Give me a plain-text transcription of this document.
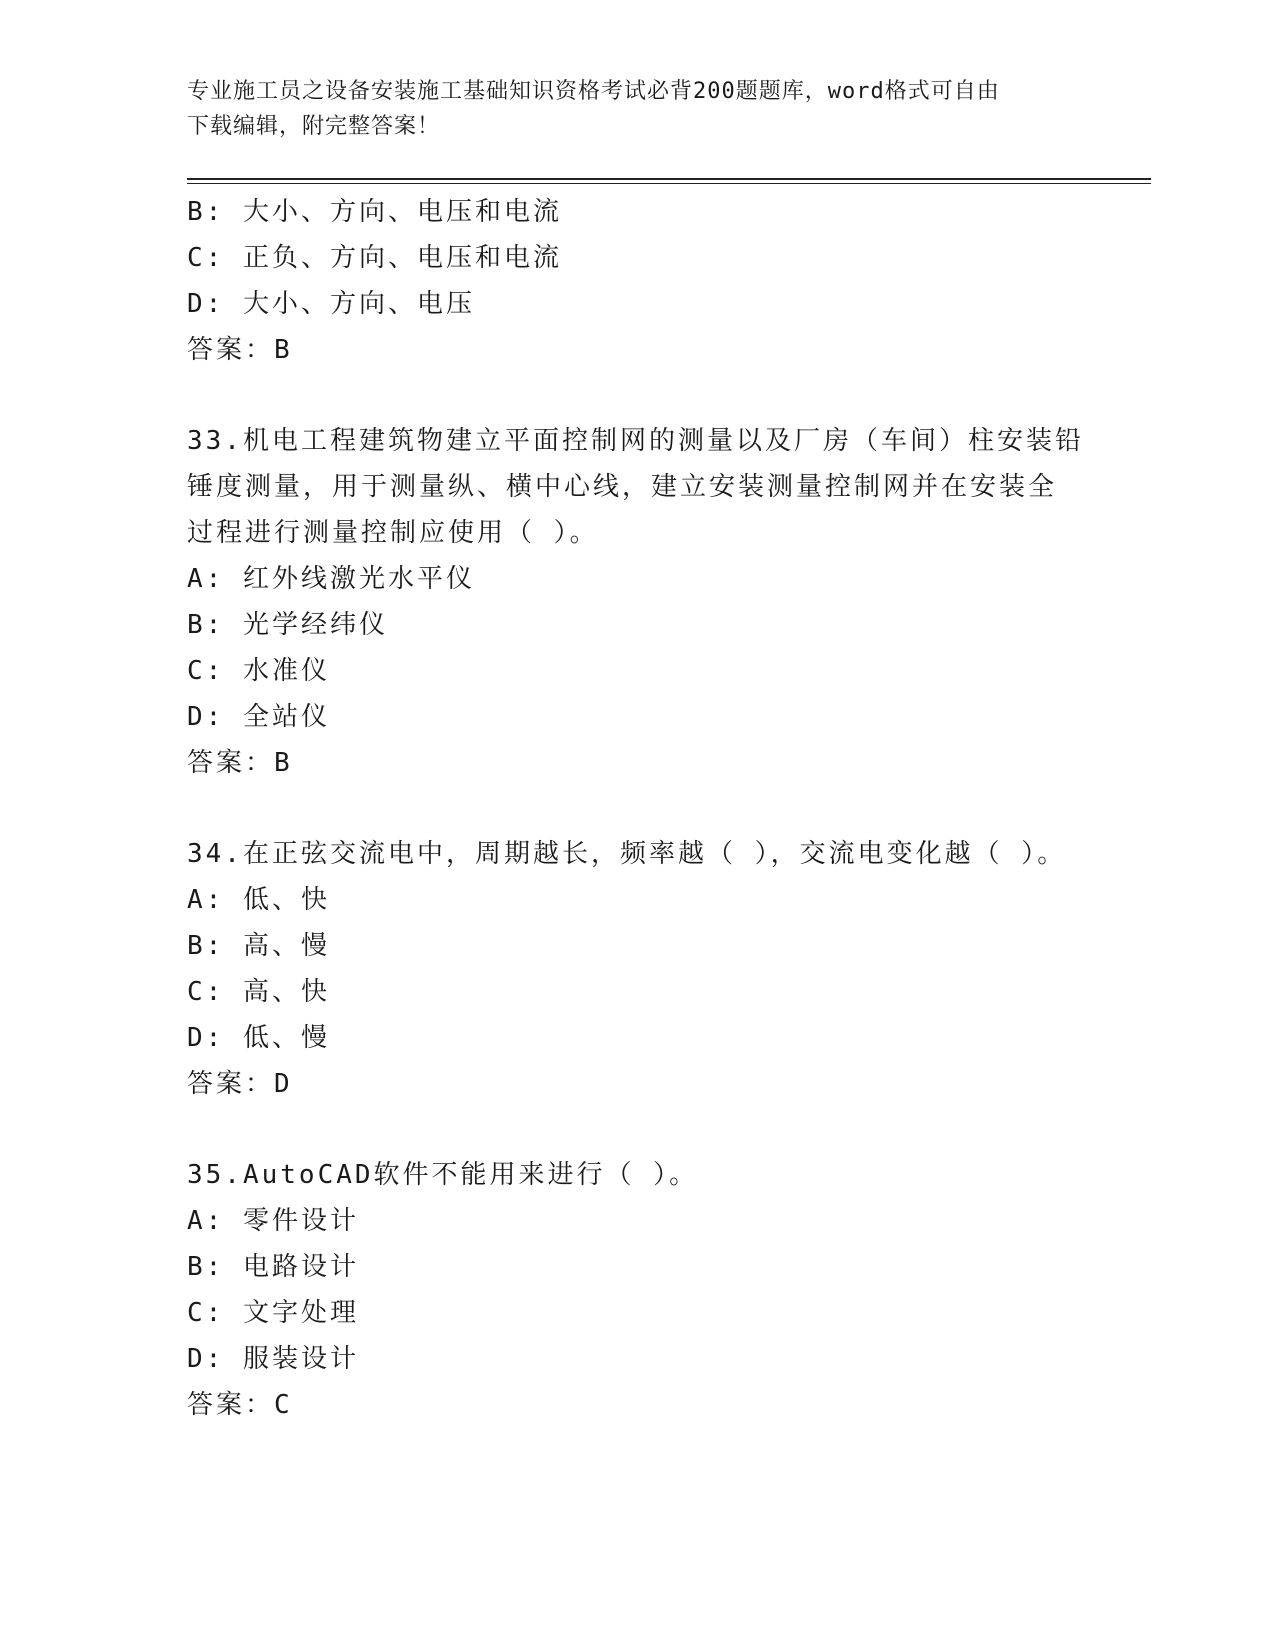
专业施工员之设备安装施工基础知识资格考试必背200题题库，word格式可自由
下载编辑，附完整答案！
B: 大小、方向、电压和电流
C: 正负、方向、电压和电流
D: 大小、方向、电压
答案：B
33.机电工程建筑物建立平面控制网的测量以及厂房（车间）柱安装铅
锤度测量，用于测量纵、横中心线，建立安装测量控制网并在安装全
过程进行测量控制应使用（ ）。
A: 红外线激光水平仪
B: 光学经纬仪
C: 水准仪
D: 全站仪
答案：B
34.在正弦交流电中，周期越长，频率越（ ），交流电变化越（ ）。
A: 低、快
B: 高、慢
C: 高、快
D: 低、慢
答案：D
35.AutoCAD软件不能用来进行（ ）。
A: 零件设计
B: 电路设计
C: 文字处理
D: 服装设计
答案：C
